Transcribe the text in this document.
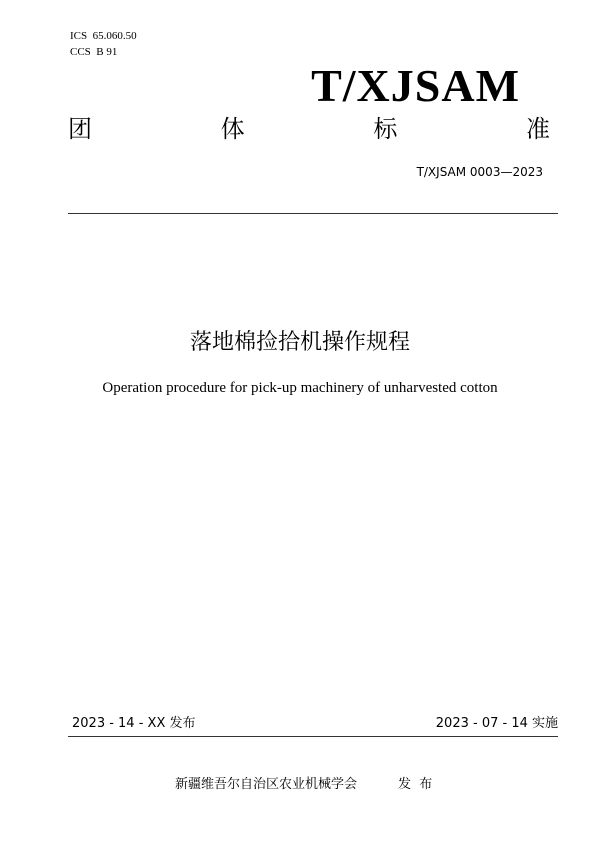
ICS  65.060.50
CCS  B 91
T/XJSAM
团	体	标	准
T/XJSAM 0003—2023
落地棉捡拾机操作规程
Operation procedure for pick-up machinery of unharvested cotton
2023 - 14 - XX 发布	2023 - 07 - 14 实施
新疆维吾尔自治区农业机械学会	发  布
